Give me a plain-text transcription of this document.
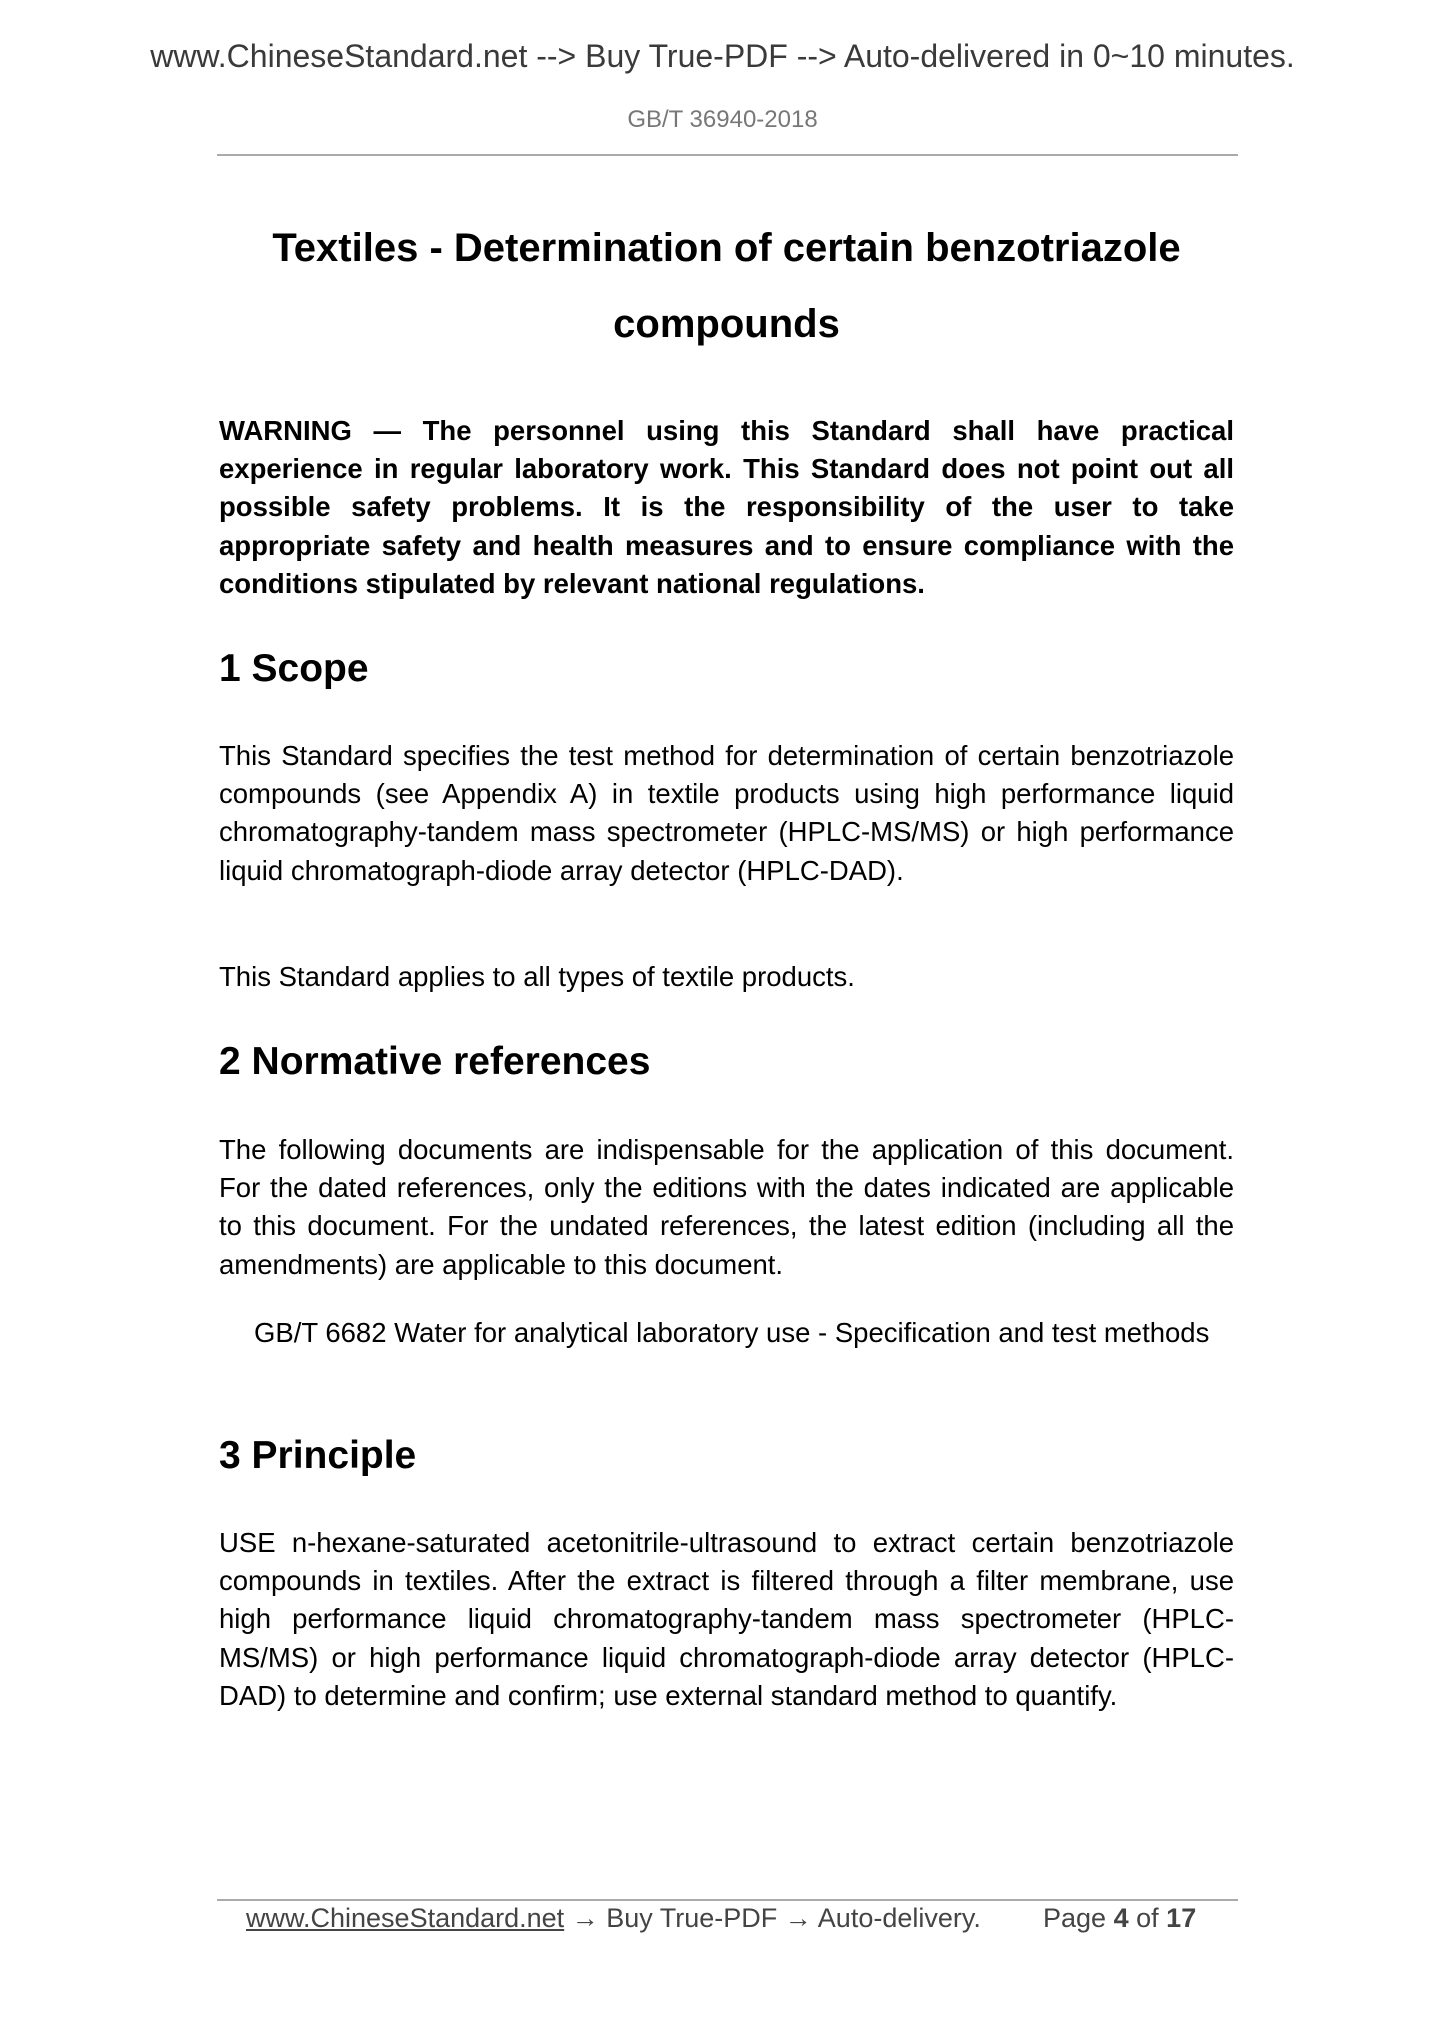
www.ChineseStandard.net --> Buy True-PDF --> Auto-delivered in 0~10 minutes.
GB/T 36940-2018
Textiles - Determination of certain benzotriazole compounds
WARNING — The personnel using this Standard shall have practical experience in regular laboratory work. This Standard does not point out all possible safety problems. It is the responsibility of the user to take appropriate safety and health measures and to ensure compliance with the conditions stipulated by relevant national regulations.
1 Scope
This Standard specifies the test method for determination of certain benzotriazole compounds (see Appendix A) in textile products using high performance liquid chromatography-tandem mass spectrometer (HPLC-MS/MS) or high performance liquid chromatograph-diode array detector (HPLC-DAD).
This Standard applies to all types of textile products.
2 Normative references
The following documents are indispensable for the application of this document. For the dated references, only the editions with the dates indicated are applicable to this document. For the undated references, the latest edition (including all the amendments) are applicable to this document.
GB/T 6682 Water for analytical laboratory use - Specification and test methods
3 Principle
USE n-hexane-saturated acetonitrile-ultrasound to extract certain benzotriazole compounds in textiles. After the extract is filtered through a filter membrane, use high performance liquid chromatography-tandem mass spectrometer (HPLC-MS/MS) or high performance liquid chromatograph-diode array detector (HPLC-DAD) to determine and confirm; use external standard method to quantify.
www.ChineseStandard.net → Buy True-PDF → Auto-delivery. Page 4 of 17
